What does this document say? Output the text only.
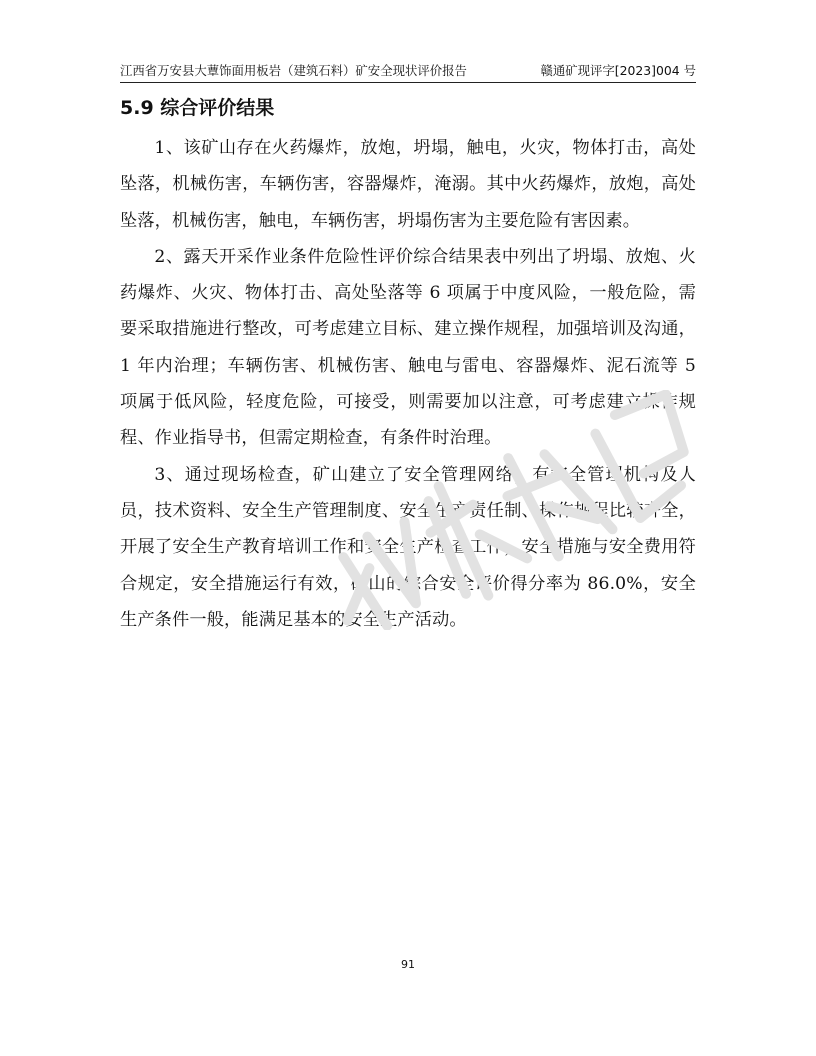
江西省万安县大蕈饰面用板岩（建筑石料）矿安全现状评价报告	赣通矿现评字[2023]004 号
5.9 综合评价结果

1、该矿山存在火药爆炸，放炮，坍塌，触电，火灾，物体打击，高处坠落，机械伤害，车辆伤害，容器爆炸，淹溺。其中火药爆炸，放炮，高处坠落，机械伤害，触电，车辆伤害，坍塌伤害为主要危险有害因素。

2、露天开采作业条件危险性评价综合结果表中列出了坍塌、放炮、火药爆炸、火灾、物体打击、高处坠落等 6 项属于中度风险，一般危险，需要采取措施进行整改，可考虑建立目标、建立操作规程，加强培训及沟通，1 年内治理；车辆伤害、机械伤害、触电与雷电、容器爆炸、泥石流等 5 项属于低风险，轻度危险，可接受，则需要加以注意，可考虑建立操作规程、作业指导书，但需定期检查，有条件时治理。

3、通过现场检查，矿山建立了安全管理网络，有安全管理机构及人员，技术资料、安全生产管理制度、安全生产责任制、操作规程比较齐全，开展了安全生产教育培训工作和安全生产检查工作，安全措施与安全费用符合规定，安全措施运行有效，矿山的综合安全评价得分率为 86.0%，安全生产条件一般，能满足基本的安全生产活动。

91
